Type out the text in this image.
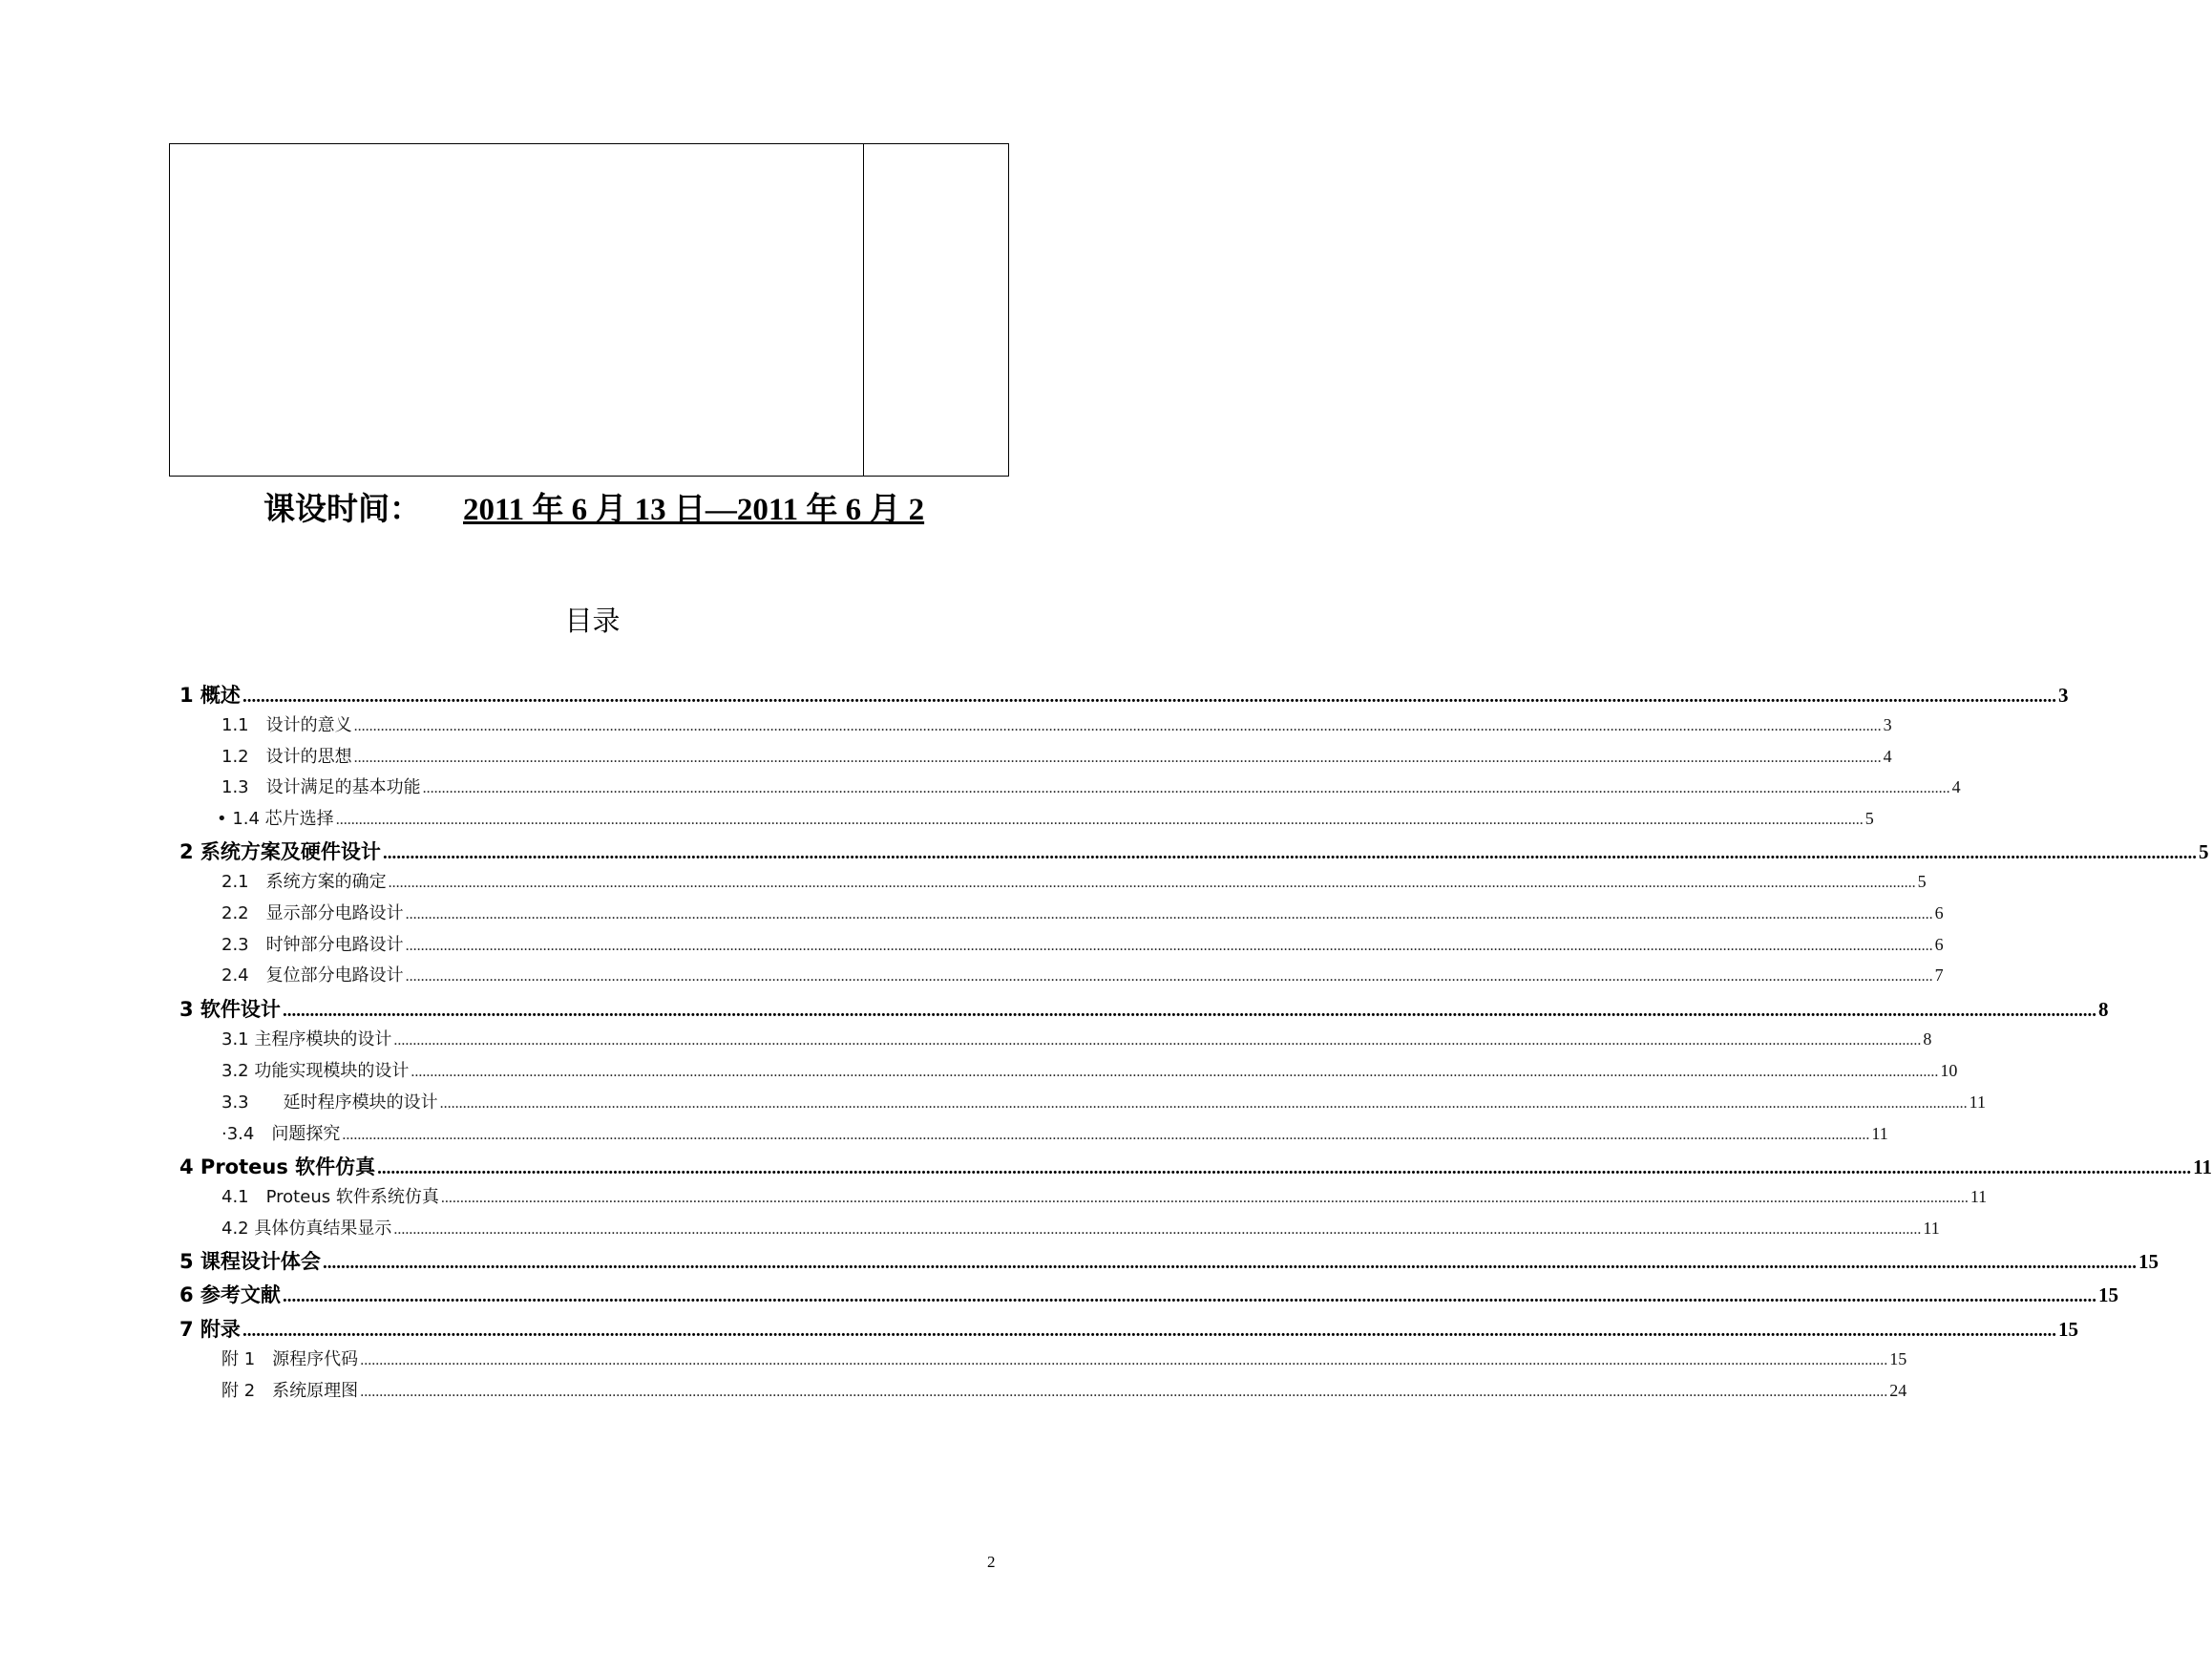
课设时间： 2011 年 6 月 13 日—2011 年 6 月 2
目录
1 概述 ................................................................................................................................................................................................................................................................................................................................................................................................................ 3
1.1　设计的意义 ................................................................................................................................................................................................................................................................................................................................................................................................................ 3
1.2　设计的思想 ................................................................................................................................................................................................................................................................................................................................................................................................................ 4
1.3　设计满足的基本功能 ................................................................................................................................................................................................................................................................................................................................................................................................................ 4
• 1.4 芯片选择 ................................................................................................................................................................................................................................................................................................................................................................................................................ 5
2 系统方案及硬件设计 ................................................................................................................................................................................................................................................................................................................................................................................................................ 5
2.1　系统方案的确定 ................................................................................................................................................................................................................................................................................................................................................................................................................ 5
2.2　显示部分电路设计 ................................................................................................................................................................................................................................................................................................................................................................................................................ 6
2.3　时钟部分电路设计 ................................................................................................................................................................................................................................................................................................................................................................................................................ 6
2.4　复位部分电路设计 ................................................................................................................................................................................................................................................................................................................................................................................................................ 7
3 软件设计 ................................................................................................................................................................................................................................................................................................................................................................................................................ 8
3.1 主程序模块的设计 ................................................................................................................................................................................................................................................................................................................................................................................................................ 8
3.2 功能实现模块的设计 ................................................................................................................................................................................................................................................................................................................................................................................................................ 10
3.3　　延时程序模块的设计 ................................................................................................................................................................................................................................................................................................................................................................................................................ 11
·3.4　问题探究 ................................................................................................................................................................................................................................................................................................................................................................................................................ 11
4 Proteus 软件仿真 ................................................................................................................................................................................................................................................................................................................................................................................................................ 11
4.1　Proteus 软件系统仿真 ................................................................................................................................................................................................................................................................................................................................................................................................................ 11
4.2 具体仿真结果显示 ................................................................................................................................................................................................................................................................................................................................................................................................................ 11
5 课程设计体会 ................................................................................................................................................................................................................................................................................................................................................................................................................ 15
6 参考文献 ................................................................................................................................................................................................................................................................................................................................................................................................................ 15
7 附录 ................................................................................................................................................................................................................................................................................................................................................................................................................ 15
附 1　源程序代码 ................................................................................................................................................................................................................................................................................................................................................................................................................ 15
附 2　系统原理图 ................................................................................................................................................................................................................................................................................................................................................................................................................ 24
2
